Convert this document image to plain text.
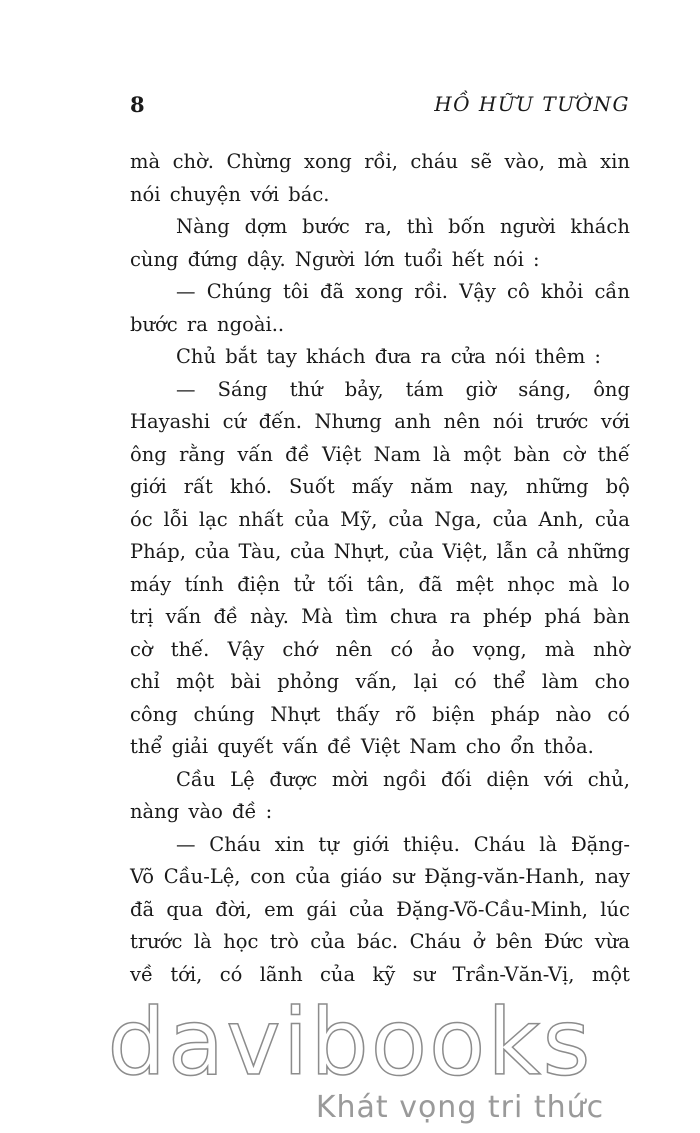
8	HỒ HỮU TƯỜNG
mà chờ. Chừng xong rồi, cháu sẽ vào, mà xin
nói chuyện với bác.
Nàng dợm bước ra, thì bốn người khách
cùng đứng dậy. Người lớn tuổi hết nói :
— Chúng tôi đã xong rồi. Vậy cô khỏi cần
bước ra ngoài..
Chủ bắt tay khách đưa ra cửa nói thêm :
— Sáng thứ bảy, tám giờ sáng, ông
Hayashi cứ đến. Nhưng anh nên nói trước với
ông rằng vấn đề Việt Nam là một bàn cờ thế
giới rất khó. Suốt mấy năm nay, những bộ
óc lỗi lạc nhất của Mỹ, của Nga, của Anh, của
Pháp, của Tàu, của Nhựt, của Việt, lẫn cả những
máy tính điện tử tối tân, đã mệt nhọc mà lo
trị vấn đề này. Mà tìm chưa ra phép phá bàn
cờ thế. Vậy chớ nên có ảo vọng, mà nhờ
chỉ một bài phỏng vấn, lại có thể làm cho
công chúng Nhựt thấy rõ biện pháp nào có
thể giải quyết vấn đề Việt Nam cho ổn thỏa.
Cầu Lệ được mời ngồi đối diện với chủ,
nàng vào đề :
— Cháu xin tự giới thiệu. Cháu là Đặng-
Võ Cầu-Lệ, con của giáo sư Đặng-văn-Hanh, nay
đã qua đời, em gái của Đặng-Võ-Cầu-Minh, lúc
trước là học trò của bác. Cháu ở bên Đức vừa
về tới, có lãnh của kỹ sư Trần-Văn-Vị, một
davibooks
Khát vọng tri thức
